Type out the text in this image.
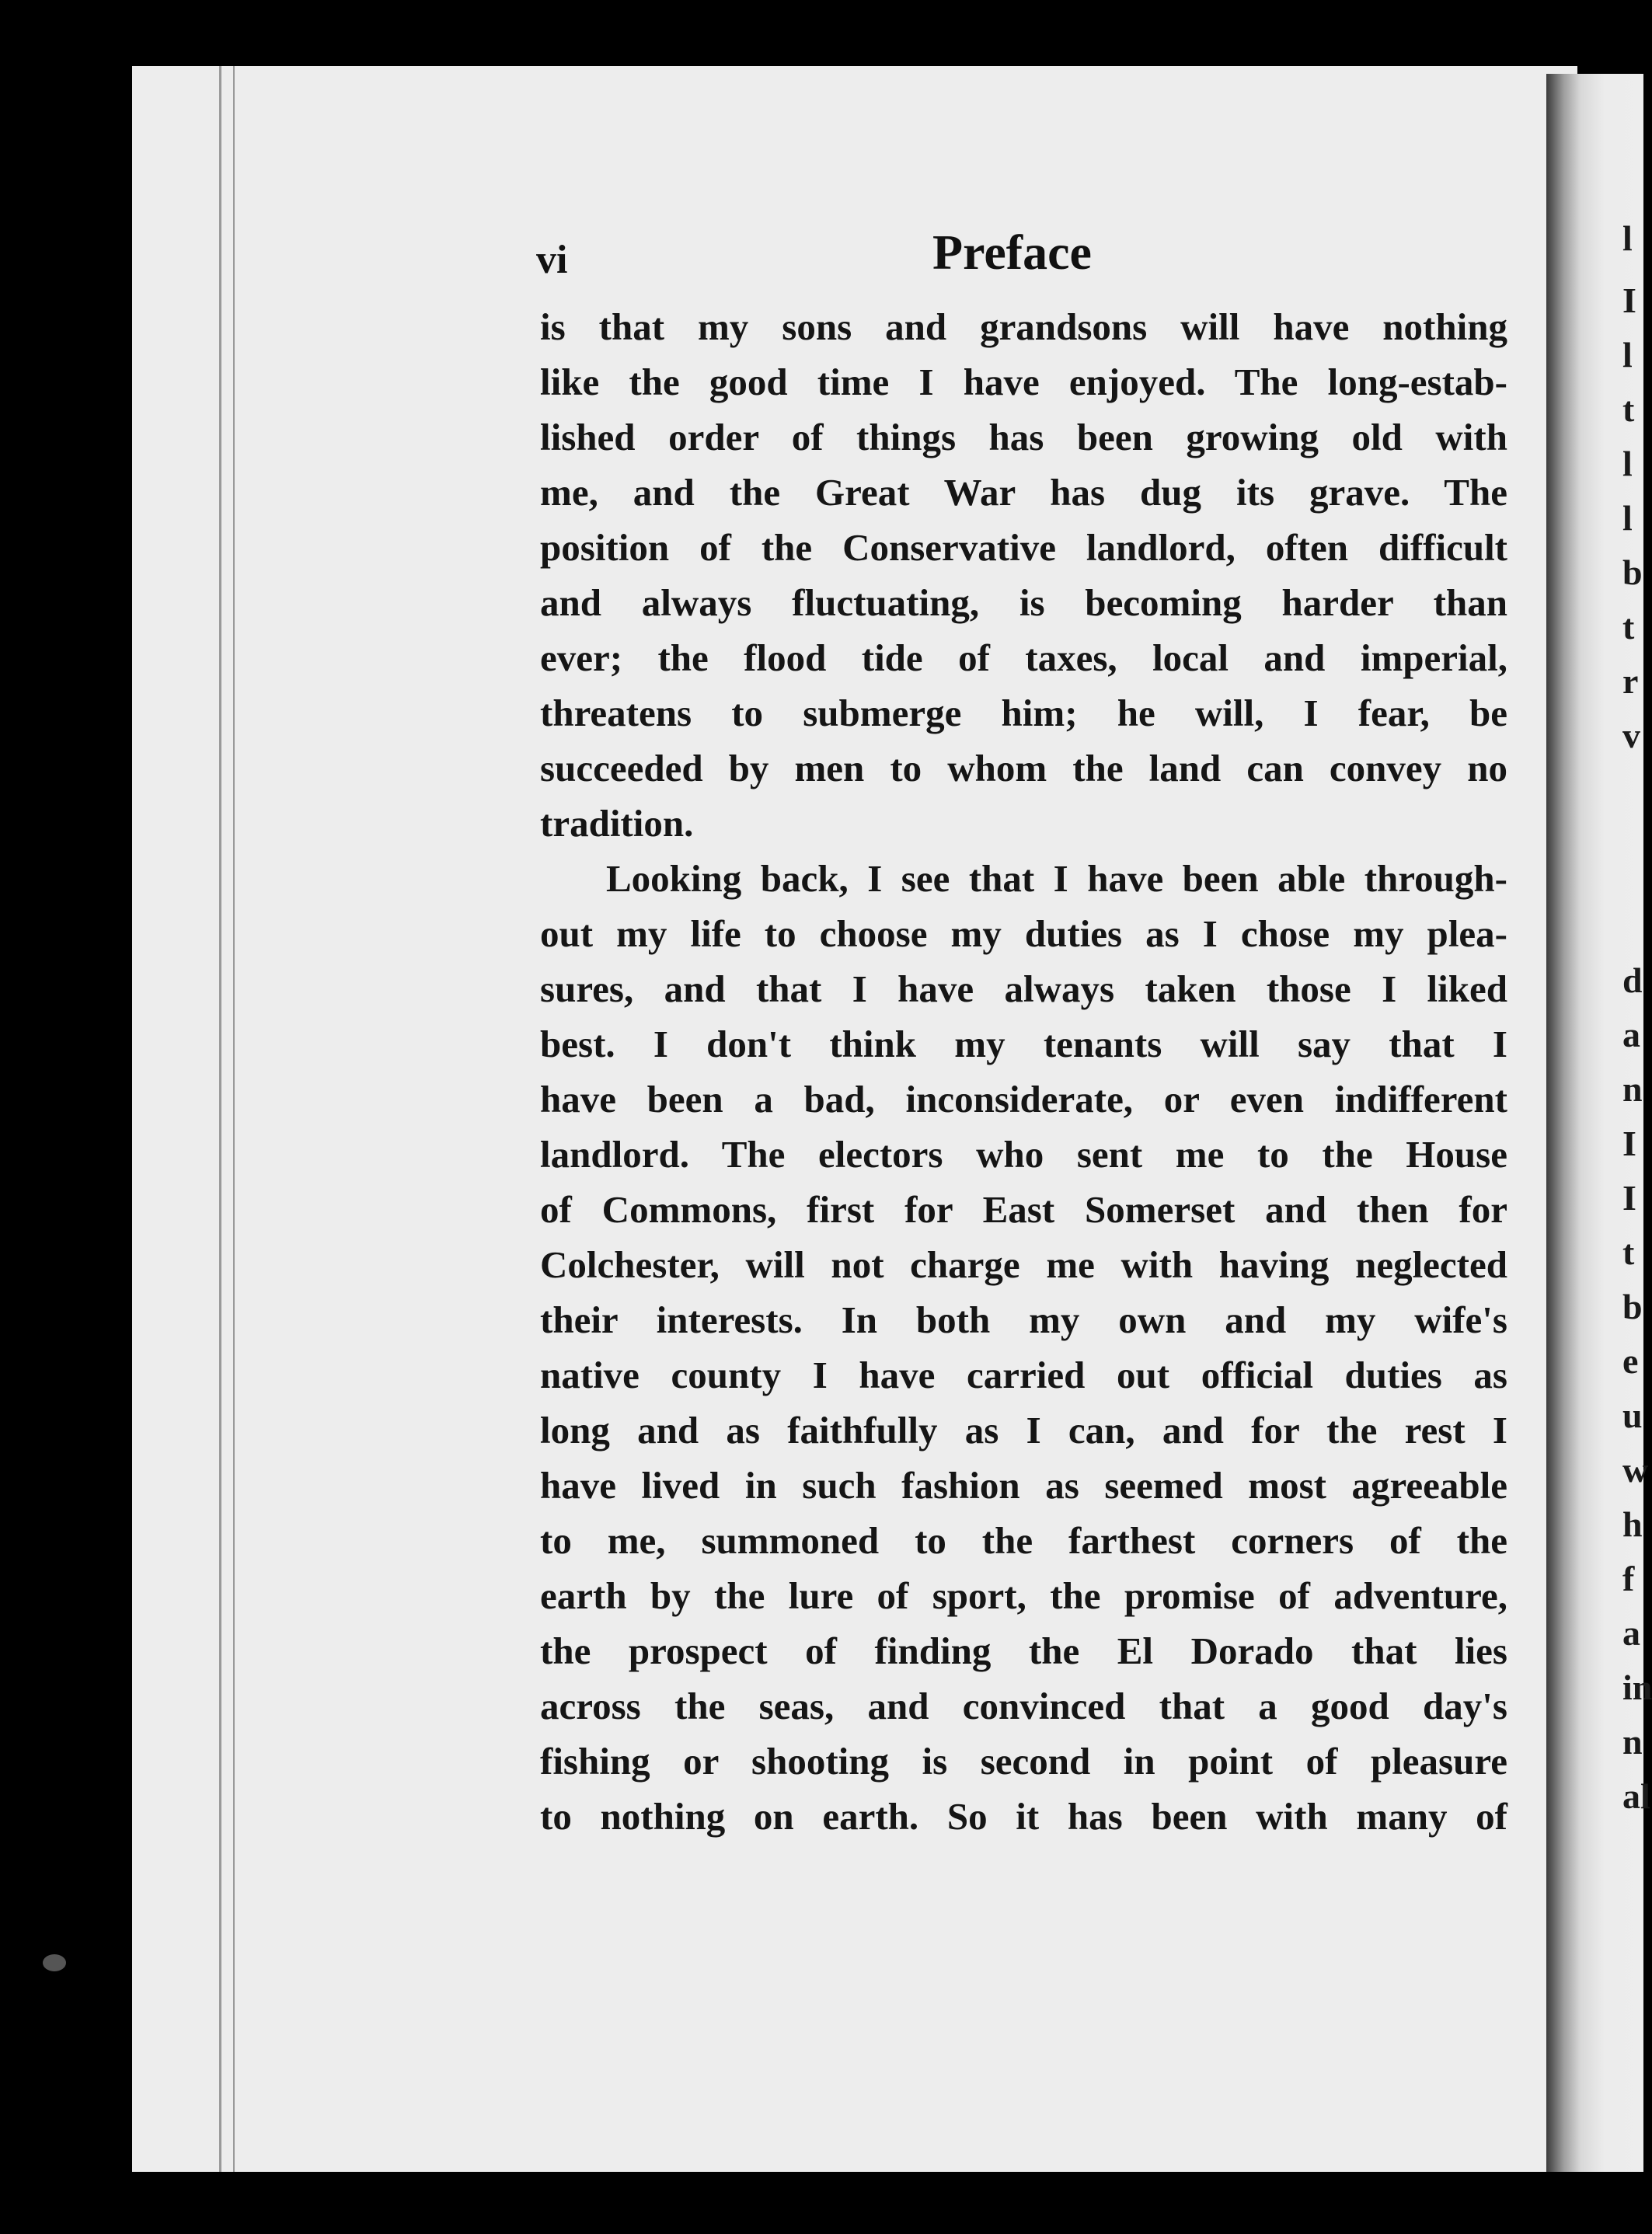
l
I
l
t
l
l
b
t
r
v
d
a
n
I
I
t
b
e
u
w
h
f
a
in
n
al
vi	Preface
is that my sons and grandsons will have nothing
like the good time I have enjoyed. The long-estab-
lished order of things has been growing old with
me, and the Great War has dug its grave. The
position of the Conservative landlord, often difficult
and always fluctuating, is becoming harder than
ever; the flood tide of taxes, local and imperial,
threatens to submerge him; he will, I fear, be
succeeded by men to whom the land can convey no
tradition.
Looking back, I see that I have been able through-
out my life to choose my duties as I chose my plea-
sures, and that I have always taken those I liked
best. I don't think my tenants will say that I
have been a bad, inconsiderate, or even indifferent
landlord. The electors who sent me to the House
of Commons, first for East Somerset and then for
Colchester, will not charge me with having neglected
their interests. In both my own and my wife's
native county I have carried out official duties as
long and as faithfully as I can, and for the rest I
have lived in such fashion as seemed most agreeable
to me, summoned to the farthest corners of the
earth by the lure of sport, the promise of adventure,
the prospect of finding the El Dorado that lies
across the seas, and convinced that a good day's
fishing or shooting is second in point of pleasure
to nothing on earth. So it has been with many of
